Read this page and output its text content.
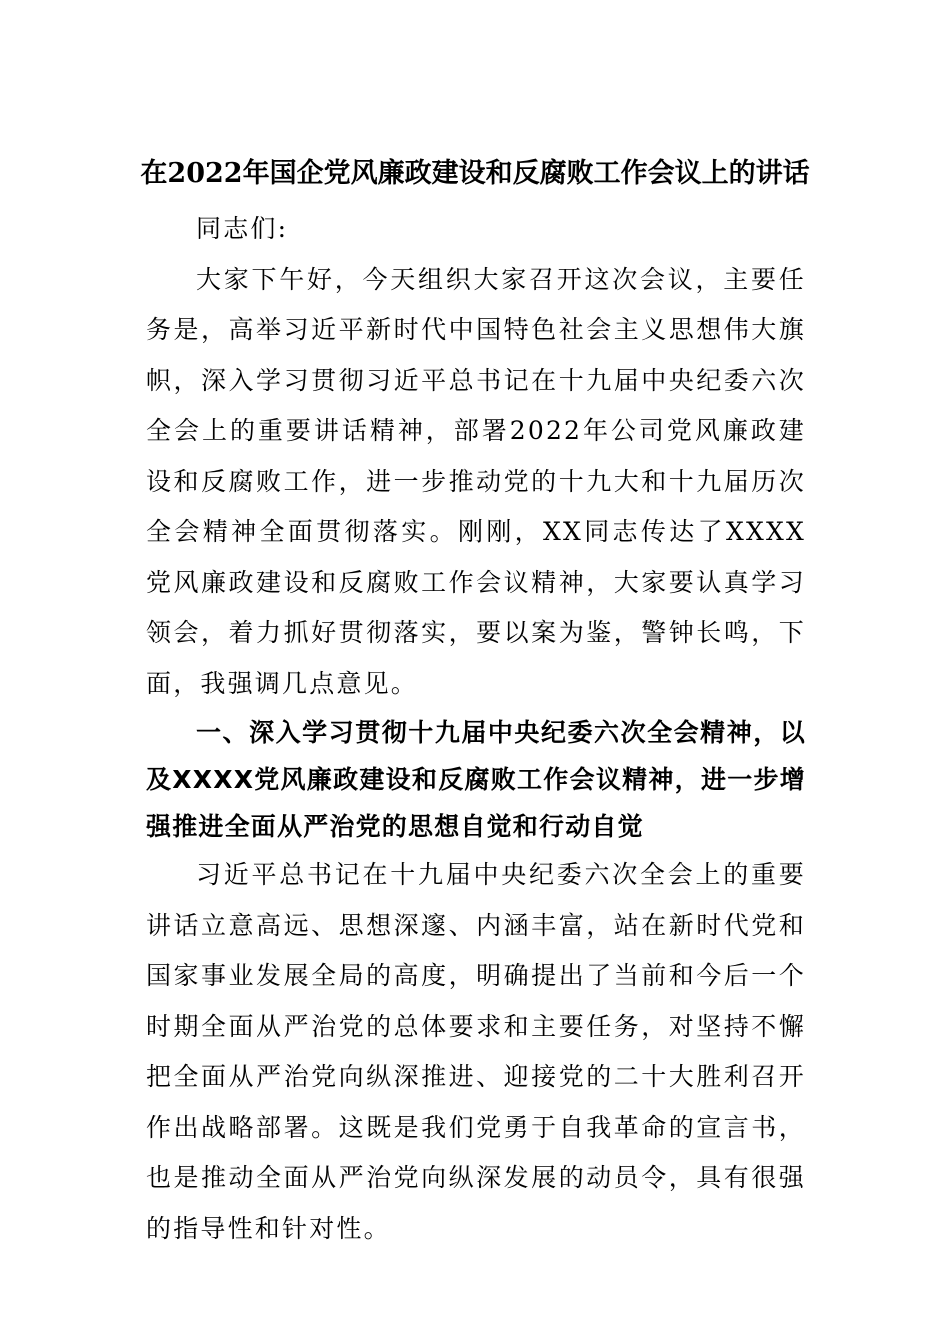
在2022年国企党风廉政建设和反腐败工作会议上的讲话

同志们:

大家下午好，今天组织大家召开这次会议，主要任务是，高举习近平新时代中国特色社会主义思想伟大旗帜，深入学习贯彻习近平总书记在十九届中央纪委六次全会上的重要讲话精神，部署2022年公司党风廉政建设和反腐败工作，进一步推动党的十九大和十九届历次全会精神全面贯彻落实。刚刚，XX同志传达了XXXX党风廉政建设和反腐败工作会议精神，大家要认真学习领会，着力抓好贯彻落实，要以案为鉴，警钟长鸣，下面，我强调几点意见。

一、深入学习贯彻十九届中央纪委六次全会精神，以及XXXX党风廉政建设和反腐败工作会议精神，进一步增强推进全面从严治党的思想自觉和行动自觉

习近平总书记在十九届中央纪委六次全会上的重要讲话立意高远、思想深邃、内涵丰富，站在新时代党和国家事业发展全局的高度，明确提出了当前和今后一个时期全面从严治党的总体要求和主要任务，对坚持不懈把全面从严治党向纵深推进、迎接党的二十大胜利召开作出战略部署。这既是我们党勇于自我革命的宣言书，也是推动全面从严治党向纵深发展的动员令，具有很强的指导性和针对性。
